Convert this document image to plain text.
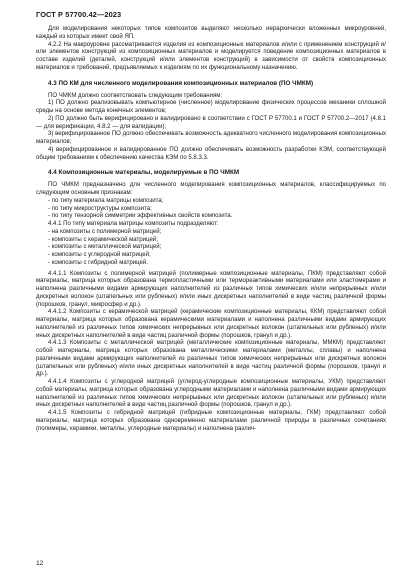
ГОСТ Р 57700.42—2023

Для моделирования некоторых типов композитов выделяют несколько иерархически вложенных микроуровней, каждый из которых имеет свой ЯП.

4.2.2 На макроуровне рассматриваются изделия из композиционных материалов и/или с применением конструкций и/или элементов конструкций из композиционных материалов и моделируется поведение композиционных материалов в составе изделий (деталей, конструкций и/или элементов конструкций) в зависимости от свойств композиционных материалов и требований, предъявляемых к изделиям по их функциональному назначению.

4.3 ПО КМ для численного моделирования композиционных материалов (ПО ЧМКМ)

ПО ЧМКМ должно соответствовать следующим требованиям:

1) ПО должно реализовывать компьютерное (численное) моделирование физических процессов механики сплошной среды на основе метода конечных элементов;

2) ПО должно быть верифицировано и валидировано в соответствии с ГОСТ Р 57700.1 и ГОСТ Р 57700.2—2017 (4.8.1 — для верификации, 4.8.2 — для валидации);

3) верифицированное ПО должно обеспечивать возможность адекватного численного моделирования композиционных материалов;

4) верифицированное и валидированное ПО должно обеспечивать возможность разработки КЭМ, соответствующей общим требованиям к обеспечению качества КЭМ по 5.8.3.3.

4.4 Композиционные материалы, моделируемые в ПО ЧМКМ

ПО ЧМКМ предназначено для численного моделирования композиционных материалов, классифицируемых по следующим основным признакам:

- по типу материала матрицы композита;

- по типу микроструктуры композита;

- по типу тензорной симметрии эффективных свойств композита.

4.4.1 По типу материала матрицы композиты подразделяют:

- на композиты с полимерной матрицей;

- композиты с керамической матрицей;

- композиты с металлической матрицей;

- композиты с углеродной матрицей;

- композиты с гибридной матрицей.

4.4.1.1 Композиты с полимерной матрицей (полимерные композиционные материалы, ПКМ) представляют собой материалы, матрица которых образована термопластичными или термореактивными материалами или эластомерами и наполнена различными видами армирующих наполнителей из различных типов химических и/или непрерывных и/или дискретных волокон (штапельных или рубленых) и/или иных дискретных наполнителей в виде частиц различной формы (порошков, гранул, микросфер и др.).

4.4.1.2 Композиты с керамической матрицей (керамические композиционные материалы, ККМ) представляют собой материалы, матрица которых образована керамическими материалами и наполнена различными видами армирующих наполнителей из различных типов химических непрерывных или дискретных волокон (штапельных или рубленых) и/или иных дискретных наполнителей в виде частиц различной формы (порошков, гранул и др.).

4.4.1.3 Композиты с металлической матрицей (металлические композиционные материалы, ММКМ) представляют собой материалы, матрица которых образована металлическими материалами (металлы, сплавы) и наполнена различными видами армирующих наполнителей из различных типов химических непрерывных или дискретных волокон (штапельных или рубленых) и/или иных дискретных наполнителей в виде частиц различной формы (порошков, гранул и др.).

4.4.1.4 Композиты с углеродной матрицей (углерод-углеродные композиционные материалы, УКМ) представляют собой материалы, матрица которых образована углеродными материалами и наполнена различными видами армирующих наполнителей из различных типов химических непрерывных или дискретных волокон (штапельных или рубленых) и/или иных дискретных наполнителей в виде частиц различной формы (порошков, гранул и др.).

4.4.1.5 Композиты с гибридной матрицей (гибридные композиционные материалы, ГКМ) представляют собой материалы, матрица которых образована одновременно материалами различной природы в различных сочетаниях (полимеры, керамики, металлы, углеродные материалы) и наполнена различ-

12
